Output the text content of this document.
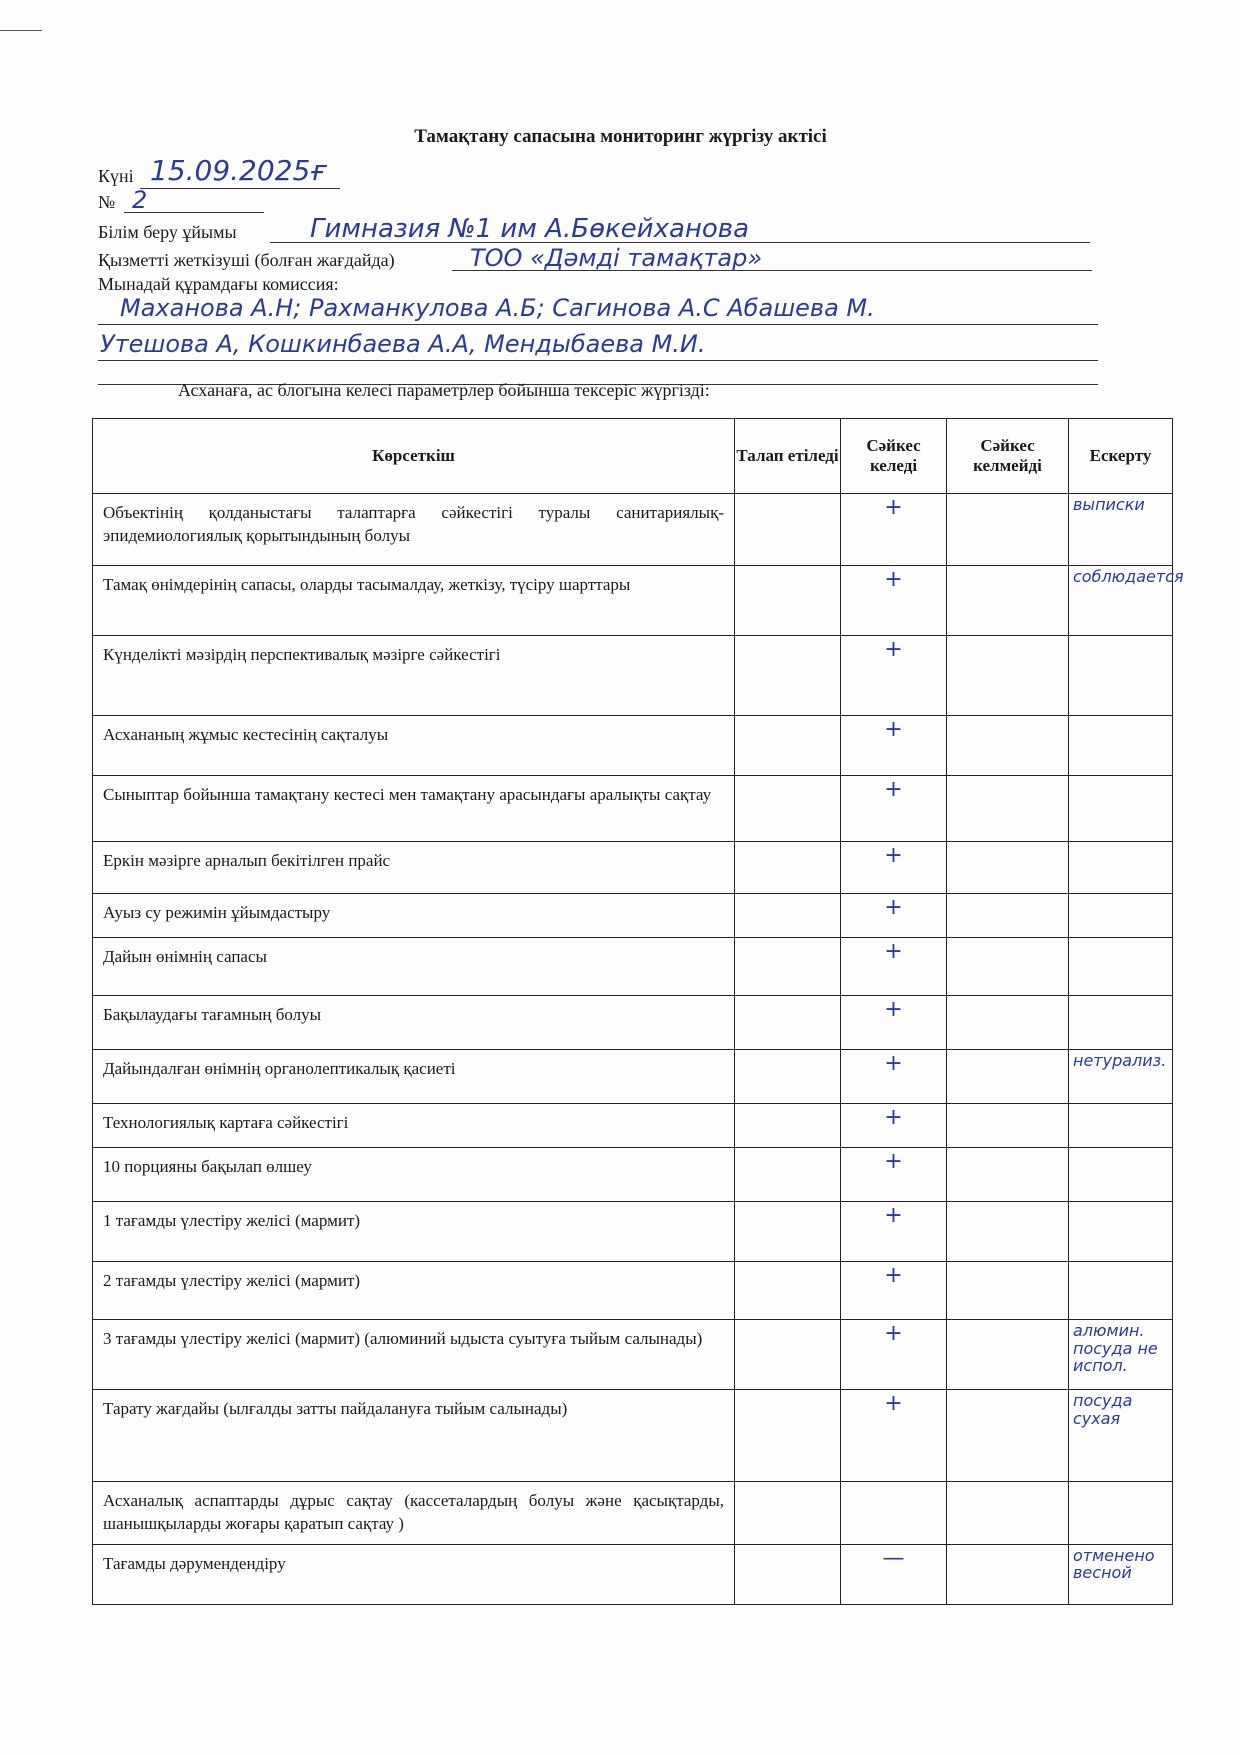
Тамақтану сапасына мониторинг жүргізу актісі
Күні 15.09.2025ғ
№ 2
Білім беру ұйымы	Гимназия №1 им А.Бөкейханова
Қызметті жеткізуші (болған жағдайда)	ТОО «Дәмді тамақтар»
Мынадай құрамдағы комиссия:
Маханова А.Н; Рахманкулова А.Б; Сагинова А.С Абашева М.
Утешова А, Кошкинбаева А.А, Мендыбаева М.И.
Асханаға, ас блогына келесі параметрлер бойынша тексеріс жүргізді:
Көрсеткіш	Талап етіледі	Сәйкес келеді	Сәйкес келмейді	Ескерту
Объектінің қолданыстағы талаптарға сәйкестігі туралы санитариялық-эпидемиологиялық қорытындының болуы		+		выписки
Тамақ өнімдерінің сапасы, оларды тасымалдау, жеткізу, түсіру шарттары		+		соблюдается
Күнделікті мәзірдің перспективалық мәзірге сәйкестігі		+		
Асхананың жұмыс кестесінің сақталуы		+		
Сыныптар бойынша тамақтану кестесі мен тамақтану арасындағы аралықты сақтау		+		
Еркін мәзірге арналып бекітілген прайс		+		
Ауыз су режимін ұйымдастыру		+		
Дайын өнімнің сапасы		+		
Бақылаудағы тағамның болуы		+		
Дайындалған өнімнің органолептикалық қасиеті		+		нетурализ.
Технологиялық картаға сәйкестігі		+		
10 порцияны бақылап өлшеу		+		
1 тағамды үлестіру желісі (мармит)		+		
2 тағамды үлестіру желісі (мармит)		+		
3 тағамды үлестіру желісі (мармит) (алюминий ыдыста суытуға тыйым салынады)		+		алюмин. посуда не испол.
Тарату жағдайы (ылғалды затты пайдалануға тыйым салынады)		+		посуда сухая
Асханалық аспаптарды дұрыс сақтау (кассеталардың болуы және қасықтарды, шанышқыларды жоғары қаратып сақтау )				
Тағамды дәрумендендіру		—		отменено весной
